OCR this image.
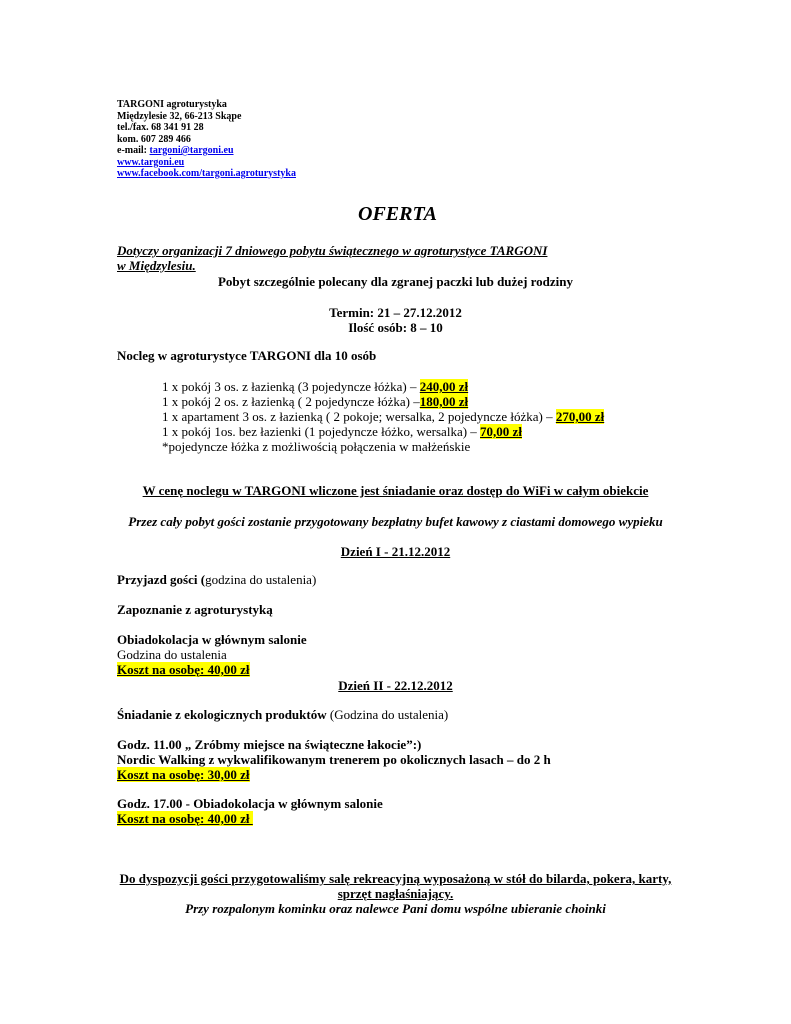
TARGONI agroturystyka
Międzylesie 32, 66-213 Skąpe
tel./fax. 68 341 91 28
kom. 607 289 466
e-mail: targoni@targoni.eu
www.targoni.eu
www.facebook.com/targoni.agroturystyka
OFERTA
Dotyczy organizacji 7 dniowego pobytu świątecznego w agroturystyce TARGONI
w Międzylesiu.
Pobyt szczególnie polecany dla zgranej paczki lub dużej rodziny
Termin: 21 – 27.12.2012
Ilość osób: 8 – 10
Nocleg w agroturystyce TARGONI dla 10 osób
1 x pokój 3 os. z łazienką (3 pojedyncze łóżka) – 240,00 zł
1 x pokój 2 os. z łazienką ( 2 pojedyncze łóżka) –180,00 zł
1 x apartament 3 os. z łazienką ( 2 pokoje; wersalka, 2 pojedyncze łóżka) – 270,00 zł
1 x pokój 1os. bez łazienki (1 pojedyncze łóżko, wersalka) – 70,00 zł
*pojedyncze łóżka z możliwością połączenia w małżeńskie
W cenę noclegu w TARGONI wliczone jest śniadanie oraz dostęp do WiFi w całym obiekcie
Przez cały pobyt gości zostanie przygotowany bezpłatny bufet kawowy z ciastami domowego wypieku
Dzień I - 21.12.2012
Przyjazd gości (godzina do ustalenia)
Zapoznanie z agroturystyką
Obiadokolacja w głównym salonie
Godzina do ustalenia
Koszt na osobę: 40,00 zł
Dzień II - 22.12.2012
Śniadanie z ekologicznych produktów (Godzina do ustalenia)
Godz. 11.00 „ Zróbmy miejsce na świąteczne łakocie”:)
Nordic Walking z wykwalifikowanym trenerem po okolicznych lasach – do 2 h
Koszt na osobę: 30,00 zł
Godz. 17.00 - Obiadokolacja w głównym salonie
Koszt na osobę: 40,00 zł
Do dyspozycji gości przygotowaliśmy salę rekreacyjną wyposażoną w stół do bilarda, pokera, karty,
sprzęt nagłaśniający.
Przy rozpalonym kominku oraz nalewce Pani domu wspólne ubieranie choinki
